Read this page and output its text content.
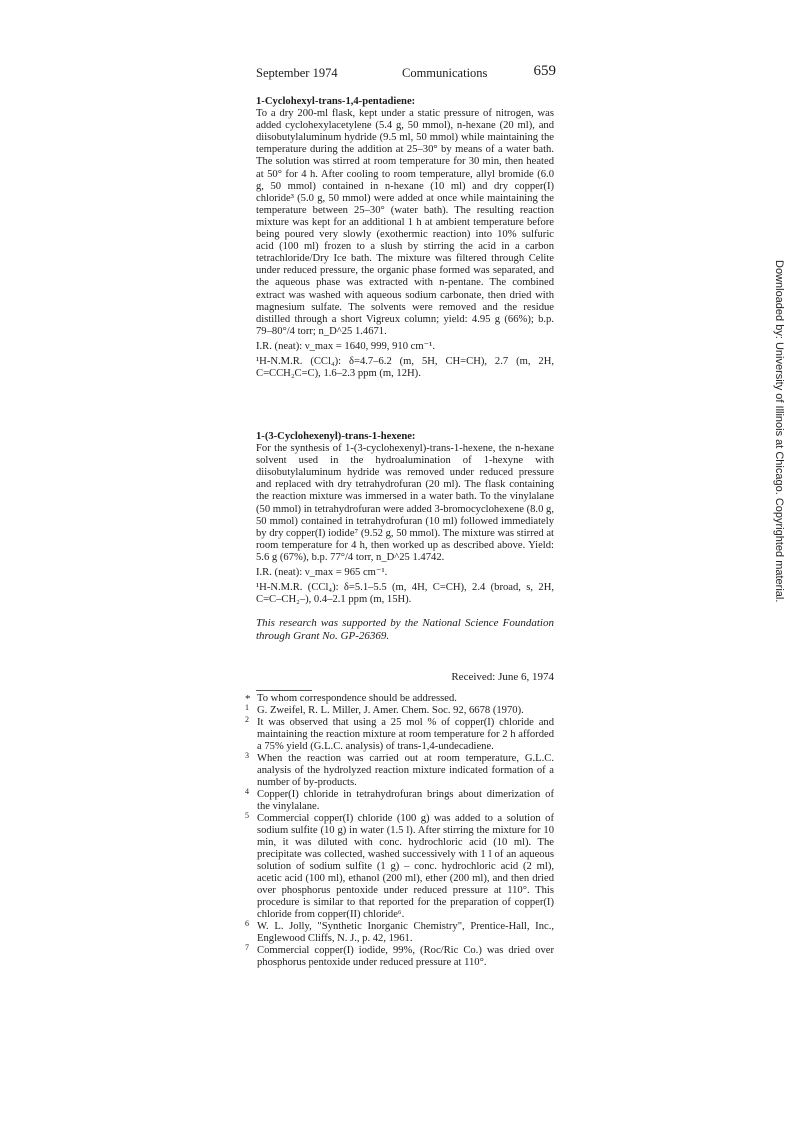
September 1974	Communications	659

1-Cyclohexyl-trans-1,4-pentadiene:

To a dry 200-ml flask, kept under a static pressure of nitrogen, was added cyclohexylacetylene (5.4 g, 50 mmol), n-hexane (20 ml), and diisobutylaluminum hydride (9.5 ml, 50 mmol) while maintaining the temperature during the addition at 25–30° by means of a water bath. The solution was stirred at room temperature for 30 min, then heated at 50° for 4 h. After cooling to room temperature, allyl bromide (6.0 g, 50 mmol) contained in n-hexane (10 ml) and dry copper(I) chloride³ (5.0 g, 50 mmol) were added at once while maintaining the temperature between 25–30° (water bath). The resulting reaction mixture was kept for an additional 1 h at ambient temperature before being poured very slowly (exothermic reaction) into 10% sulfuric acid (100 ml) frozen to a slush by stirring the acid in a carbon tetrachloride/Dry Ice bath. The mixture was filtered through Celite under reduced pressure, the organic phase formed was separated, and the aqueous phase was extracted with n-pentane. The combined extract was washed with aqueous sodium carbonate, then dried with magnesium sulfate. The solvents were removed and the residue distilled through a short Vigreux column; yield: 4.95 g (66%); b.p. 79–80°/4 torr; n_D^25 1.4671.

I.R. (neat): ν_max = 1640, 999, 910 cm⁻¹.

¹H-N.M.R. (CCl₄): δ=4.7–6.2 (m, 5H, CH=CH), 2.7 (m, 2H, C=CCH₂C=C), 1.6–2.3 ppm (m, 12H).

1-(3-Cyclohexenyl)-trans-1-hexene:

For the synthesis of 1-(3-cyclohexenyl)-trans-1-hexene, the n-hexane solvent used in the hydroalumination of 1-hexyne with diisobutylaluminum hydride was removed under reduced pressure and replaced with dry tetrahydrofuran (20 ml). The flask containing the reaction mixture was immersed in a water bath. To the vinylalane (50 mmol) in tetrahydrofuran were added 3-bromocyclohexene (8.0 g, 50 mmol) contained in tetrahydrofuran (10 ml) followed immediately by dry copper(I) iodide⁷ (9.52 g, 50 mmol). The mixture was stirred at room temperature for 4 h, then worked up as described above. Yield: 5.6 g (67%), b.p. 77°/4 torr, n_D^25 1.4742.

I.R. (neat): ν_max = 965 cm⁻¹.

¹H-N.M.R. (CCl₄): δ=5.1–5.5 (m, 4H, C=CH), 2.4 (broad, s, 2H, C=C–CH₂–), 0.4–2.1 ppm (m, 15H).

This research was supported by the National Science Foundation through Grant No. GP-26369.
Received: June 6, 1974

* To whom correspondence should be addressed.

1 G. Zweifel, R. L. Miller, J. Amer. Chem. Soc. 92, 6678 (1970).

2 It was observed that using a 25 mol % of copper(I) chloride and maintaining the reaction mixture at room temperature for 2 h afforded a 75% yield (G.L.C. analysis) of trans-1,4-undecadiene.

3 When the reaction was carried out at room temperature, G.L.C. analysis of the hydrolyzed reaction mixture indicated formation of a number of by-products.

4 Copper(I) chloride in tetrahydrofuran brings about dimerization of the vinylalane.

5 Commercial copper(I) chloride (100 g) was added to a solution of sodium sulfite (10 g) in water (1.5 l). After stirring the mixture for 10 min, it was diluted with conc. hydrochloric acid (10 ml). The precipitate was collected, washed successively with 1 l of an aqueous solution of sodium sulfite (1 g) – conc. hydrochloric acid (2 ml), acetic acid (100 ml), ethanol (200 ml), ether (200 ml), and then dried over phosphorus pentoxide under reduced pressure at 110°. This procedure is similar to that reported for the preparation of copper(I) chloride from copper(II) chloride⁶.

6 W. L. Jolly, "Synthetic Inorganic Chemistry", Prentice-Hall, Inc., Englewood Cliffs, N. J., p. 42, 1961.

7 Commercial copper(I) iodide, 99%, (Roc/Ric Co.) was dried over phosphorus pentoxide under reduced pressure at 110°.

Downloaded by: University of Illinois at Chicago. Copyrighted material.
